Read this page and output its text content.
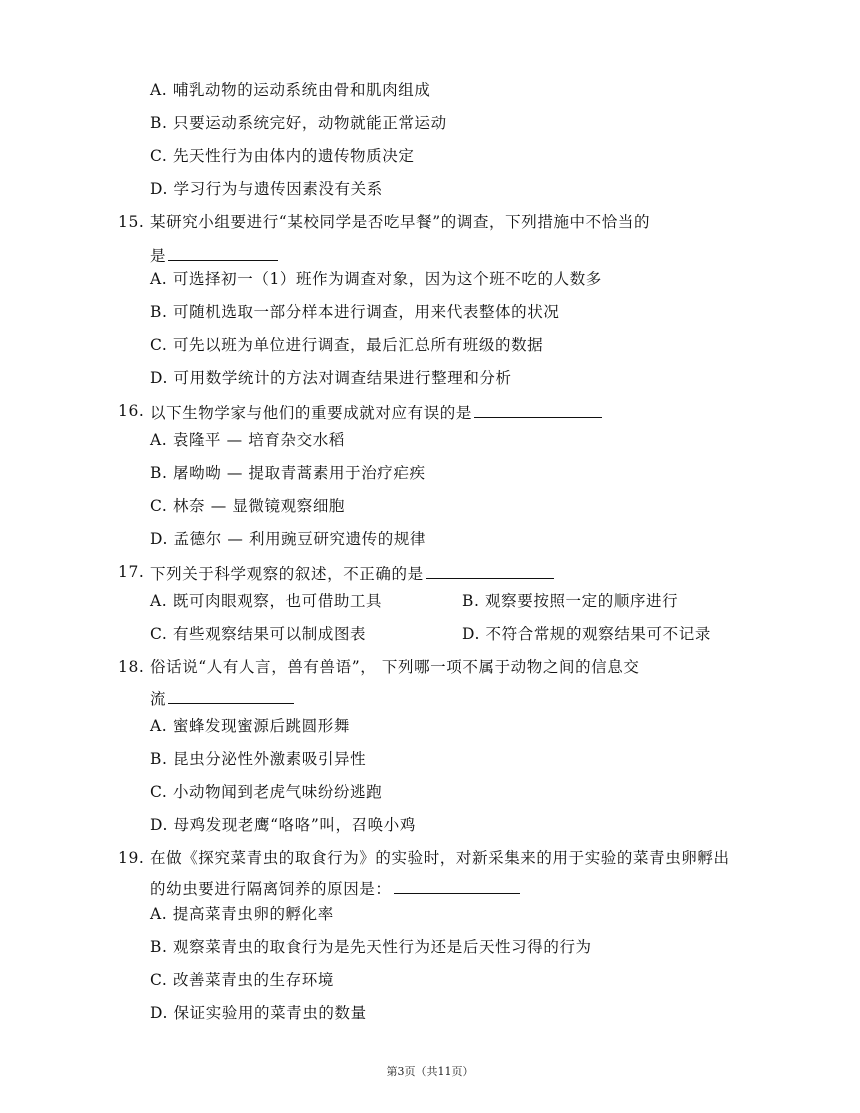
A. 哺乳动物的运动系统由骨和肌肉组成
B. 只要运动系统完好，动物就能正常运动
C. 先天性行为由体内的遗传物质决定
D. 学习行为与遗传因素没有关系
15. 某研究小组要进行“某校同学是否吃早餐”的调查，下列措施中不恰当的
是
A. 可选择初一（1）班作为调查对象，因为这个班不吃的人数多
B. 可随机选取一部分样本进行调查，用来代表整体的状况
C. 可先以班为单位进行调查，最后汇总所有班级的数据
D. 可用数学统计的方法对调查结果进行整理和分析
16. 以下生物学家与他们的重要成就对应有误的是
A. 袁隆平 — 培育杂交水稻
B. 屠呦呦 — 提取青蒿素用于治疗疟疾
C. 林奈 — 显微镜观察细胞
D. 孟德尔 — 利用豌豆研究遗传的规律
17. 下列关于科学观察的叙述，不正确的是
A. 既可肉眼观察，也可借助工具	B. 观察要按照一定的顺序进行
C. 有些观察结果可以制成图表	D. 不符合常规的观察结果可不记录
18. 俗话说“人有人言，兽有兽语”， 下列哪一项不属于动物之间的信息交
流
A. 蜜蜂发现蜜源后跳圆形舞
B. 昆虫分泌性外激素吸引异性
C. 小动物闻到老虎气味纷纷逃跑
D. 母鸡发现老鹰“咯咯”叫，召唤小鸡
19. 在做《探究菜青虫的取食行为》的实验时，对新采集来的用于实验的菜青虫卵孵出
的幼虫要进行隔离饲养的原因是：
A. 提高菜青虫卵的孵化率
B. 观察菜青虫的取食行为是先天性行为还是后天性习得的行为
C. 改善菜青虫的生存环境
D. 保证实验用的菜青虫的数量
第3页（共11页）
